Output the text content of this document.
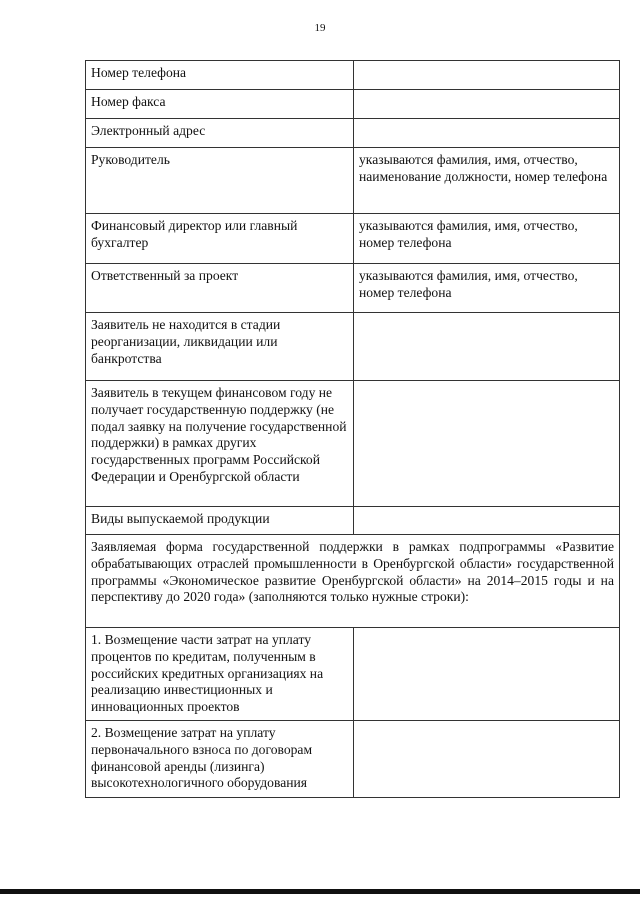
19
Номер телефона	
Номер факса	
Электронный адрес	
Руководитель	указываются фамилия, имя, отчество, наименование должности, номер телефона
Финансовый директор или главный бухгалтер	указываются фамилия, имя, отчество, номер телефона
Ответственный за проект	указываются фамилия, имя, отчество, номер телефона
Заявитель не находится в стадии реорганизации, ликвидации или банкротства	
Заявитель в текущем финансовом году не получает государственную поддержку (не подал заявку на получение государственной поддержки) в рамках других государственных программ Российской Федерации и Оренбургской области	
Виды выпускаемой продукции	
Заявляемая форма государственной поддержки в рамках подпрограммы «Развитие обрабатывающих отраслей промышленности в Оренбургской области» государственной программы «Экономическое развитие Оренбургской области» на 2014–2015 годы и на перспективу до 2020 года» (заполняются только нужные строки):	
1. Возмещение части затрат на уплату процентов по кредитам, полученным в российских кредитных организациях на реализацию инвестиционных и инновационных проектов	
2. Возмещение затрат на уплату первоначального взноса по договорам финансовой аренды (лизинга) высокотехнологичного оборудования	
